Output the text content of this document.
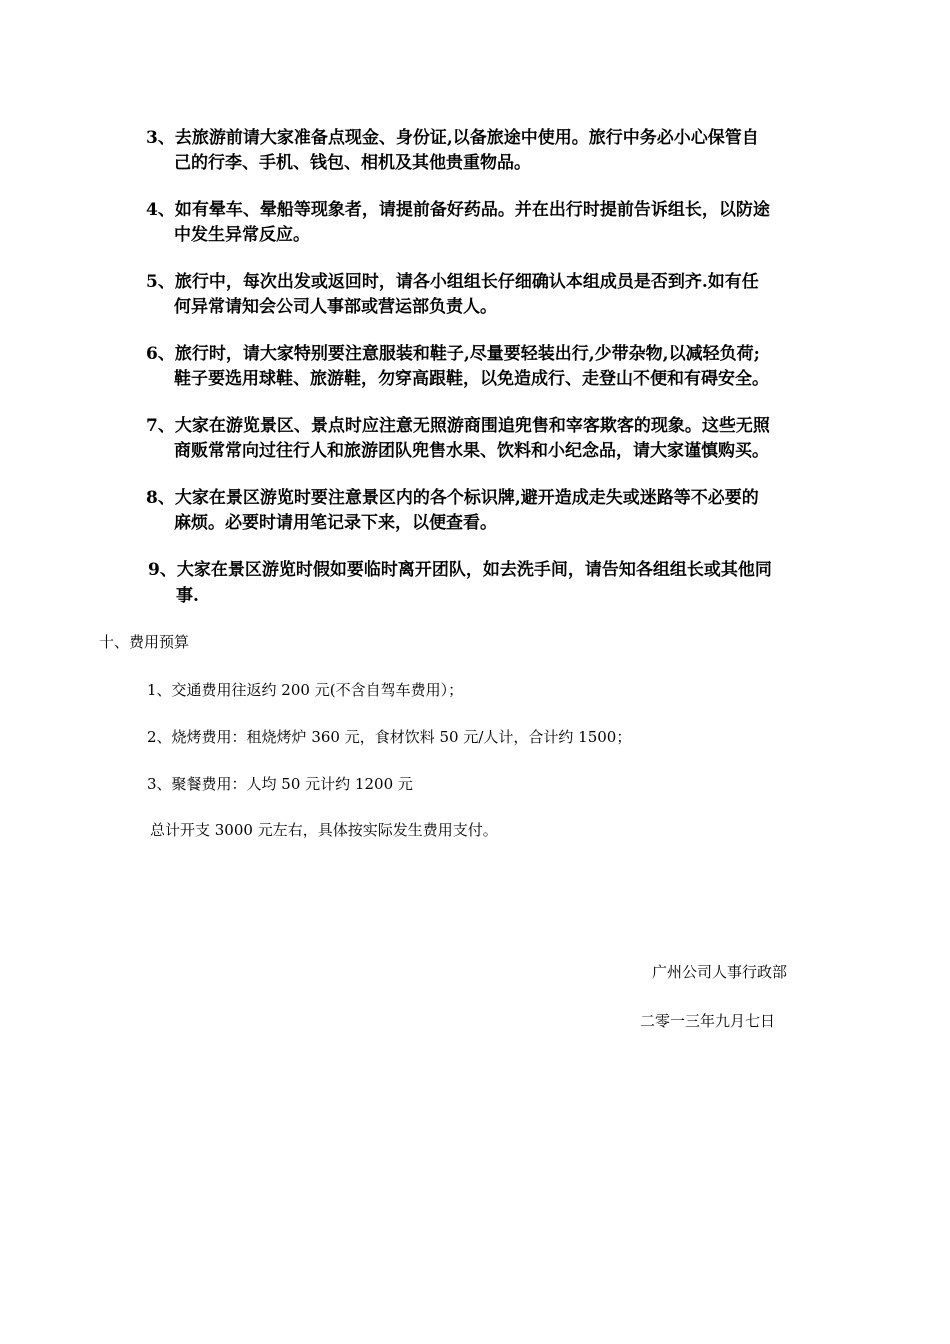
3、去旅游前请大家准备点现金、身份证,以备旅途中使用。旅行中务必小心保管自
己的行李、手机、钱包、相机及其他贵重物品。
4、如有晕车、晕船等现象者，请提前备好药品。并在出行时提前告诉组长，以防途
中发生异常反应。
5、旅行中，每次出发或返回时，请各小组组长仔细确认本组成员是否到齐.如有任
何异常请知会公司人事部或营运部负责人。
6、旅行时，请大家特别要注意服装和鞋子,尽量要轻装出行,少带杂物,以减轻负荷;
鞋子要选用球鞋、旅游鞋，勿穿高跟鞋，以免造成行、走登山不便和有碍安全。
7、大家在游览景区、景点时应注意无照游商围追兜售和宰客欺客的现象。这些无照
商贩常常向过往行人和旅游团队兜售水果、饮料和小纪念品，请大家谨慎购买。
8、大家在景区游览时要注意景区内的各个标识牌,避开造成走失或迷路等不必要的
麻烦。必要时请用笔记录下来，以便查看。
9、大家在景区游览时假如要临时离开团队，如去洗手间，请告知各组组长或其他同
事.
十、费用预算
1、交通费用往返约 200 元(不含自驾车费用）；
2、烧烤费用：租烧烤炉 360 元，食材饮料 50 元/人计，合计约 1500；
3、聚餐费用：人均 50 元计约 1200 元
总计开支 3000 元左右，具体按实际发生费用支付。
广州公司人事行政部
二零一三年九月七日
